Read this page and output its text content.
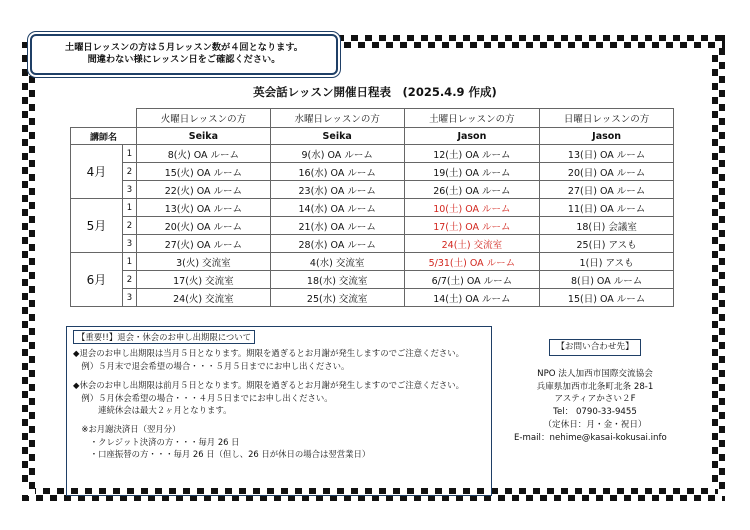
土曜日レッスンの方は５月レッスン数が４回となります。
間違わない様にレッスン日をご確認ください。
英会話レッスン開催日程表　(2025.4.9 作成)
		火曜日レッスンの方	水曜日レッスンの方	土曜日レッスンの方	日曜日レッスンの方
講師名		Seika	Seika	Jason	Jason
4月	1	8(火) OA ルーム	9(水) OA ルーム	12(土) OA ルーム	13(日) OA ルーム
	2	15(火) OA ルーム	16(水) OA ルーム	19(土) OA ルーム	20(日) OA ルーム
	3	22(火) OA ルーム	23(水) OA ルーム	26(土) OA ルーム	27(日) OA ルーム
5月	1	13(火) OA ルーム	14(水) OA ルーム	10(土) OA ルーム	11(日) OA ルーム
	2	20(火) OA ルーム	21(水) OA ルーム	17(土) OA ルーム	18(日) 会議室
	3	27(火) OA ルーム	28(水) OA ルーム	24(土) 交流室	25(日) アスも
6月	1	3(火) 交流室	4(水) 交流室	5/31(土) OA ルーム	1(日) アスも
	2	17(火) 交流室	18(水) 交流室	6/7(土) OA ルーム	8(日) OA ルーム
	3	24(火) 交流室	25(水) 交流室	14(土) OA ルーム	15(日) OA ルーム
【重要!!】退会・休会のお申し出期限について

◆退会のお申し出期限は当月５日となります。期限を過ぎるとお月謝が発生しますのでご注意ください。

　例）５月末で退会希望の場合・・・５月５日までにお申し出ください。

◆休会のお申し出期限は前月５日となります。期限を過ぎるとお月謝が発生しますのでご注意ください。

　例）５月休会希望の場合・・・４月５日までにお申し出ください。

　　　連続休会は最大２ヶ月となります。

　※お月謝決済日（翌月分）

　　・クレジット決済の方・・・毎月 26 日

　　・口座振替の方・・・毎月 26 日（但し、26 日が休日の場合は翌営業日）

【お問い合わせ先】
NPO 法人加西市国際交流協会
兵庫県加西市北条町北条 28-1
アスティアかさい２F
Tel： 0790-33-9455
（定休日：月・金・祝日）
E-mail：nehime@kasai-kokusai.info
